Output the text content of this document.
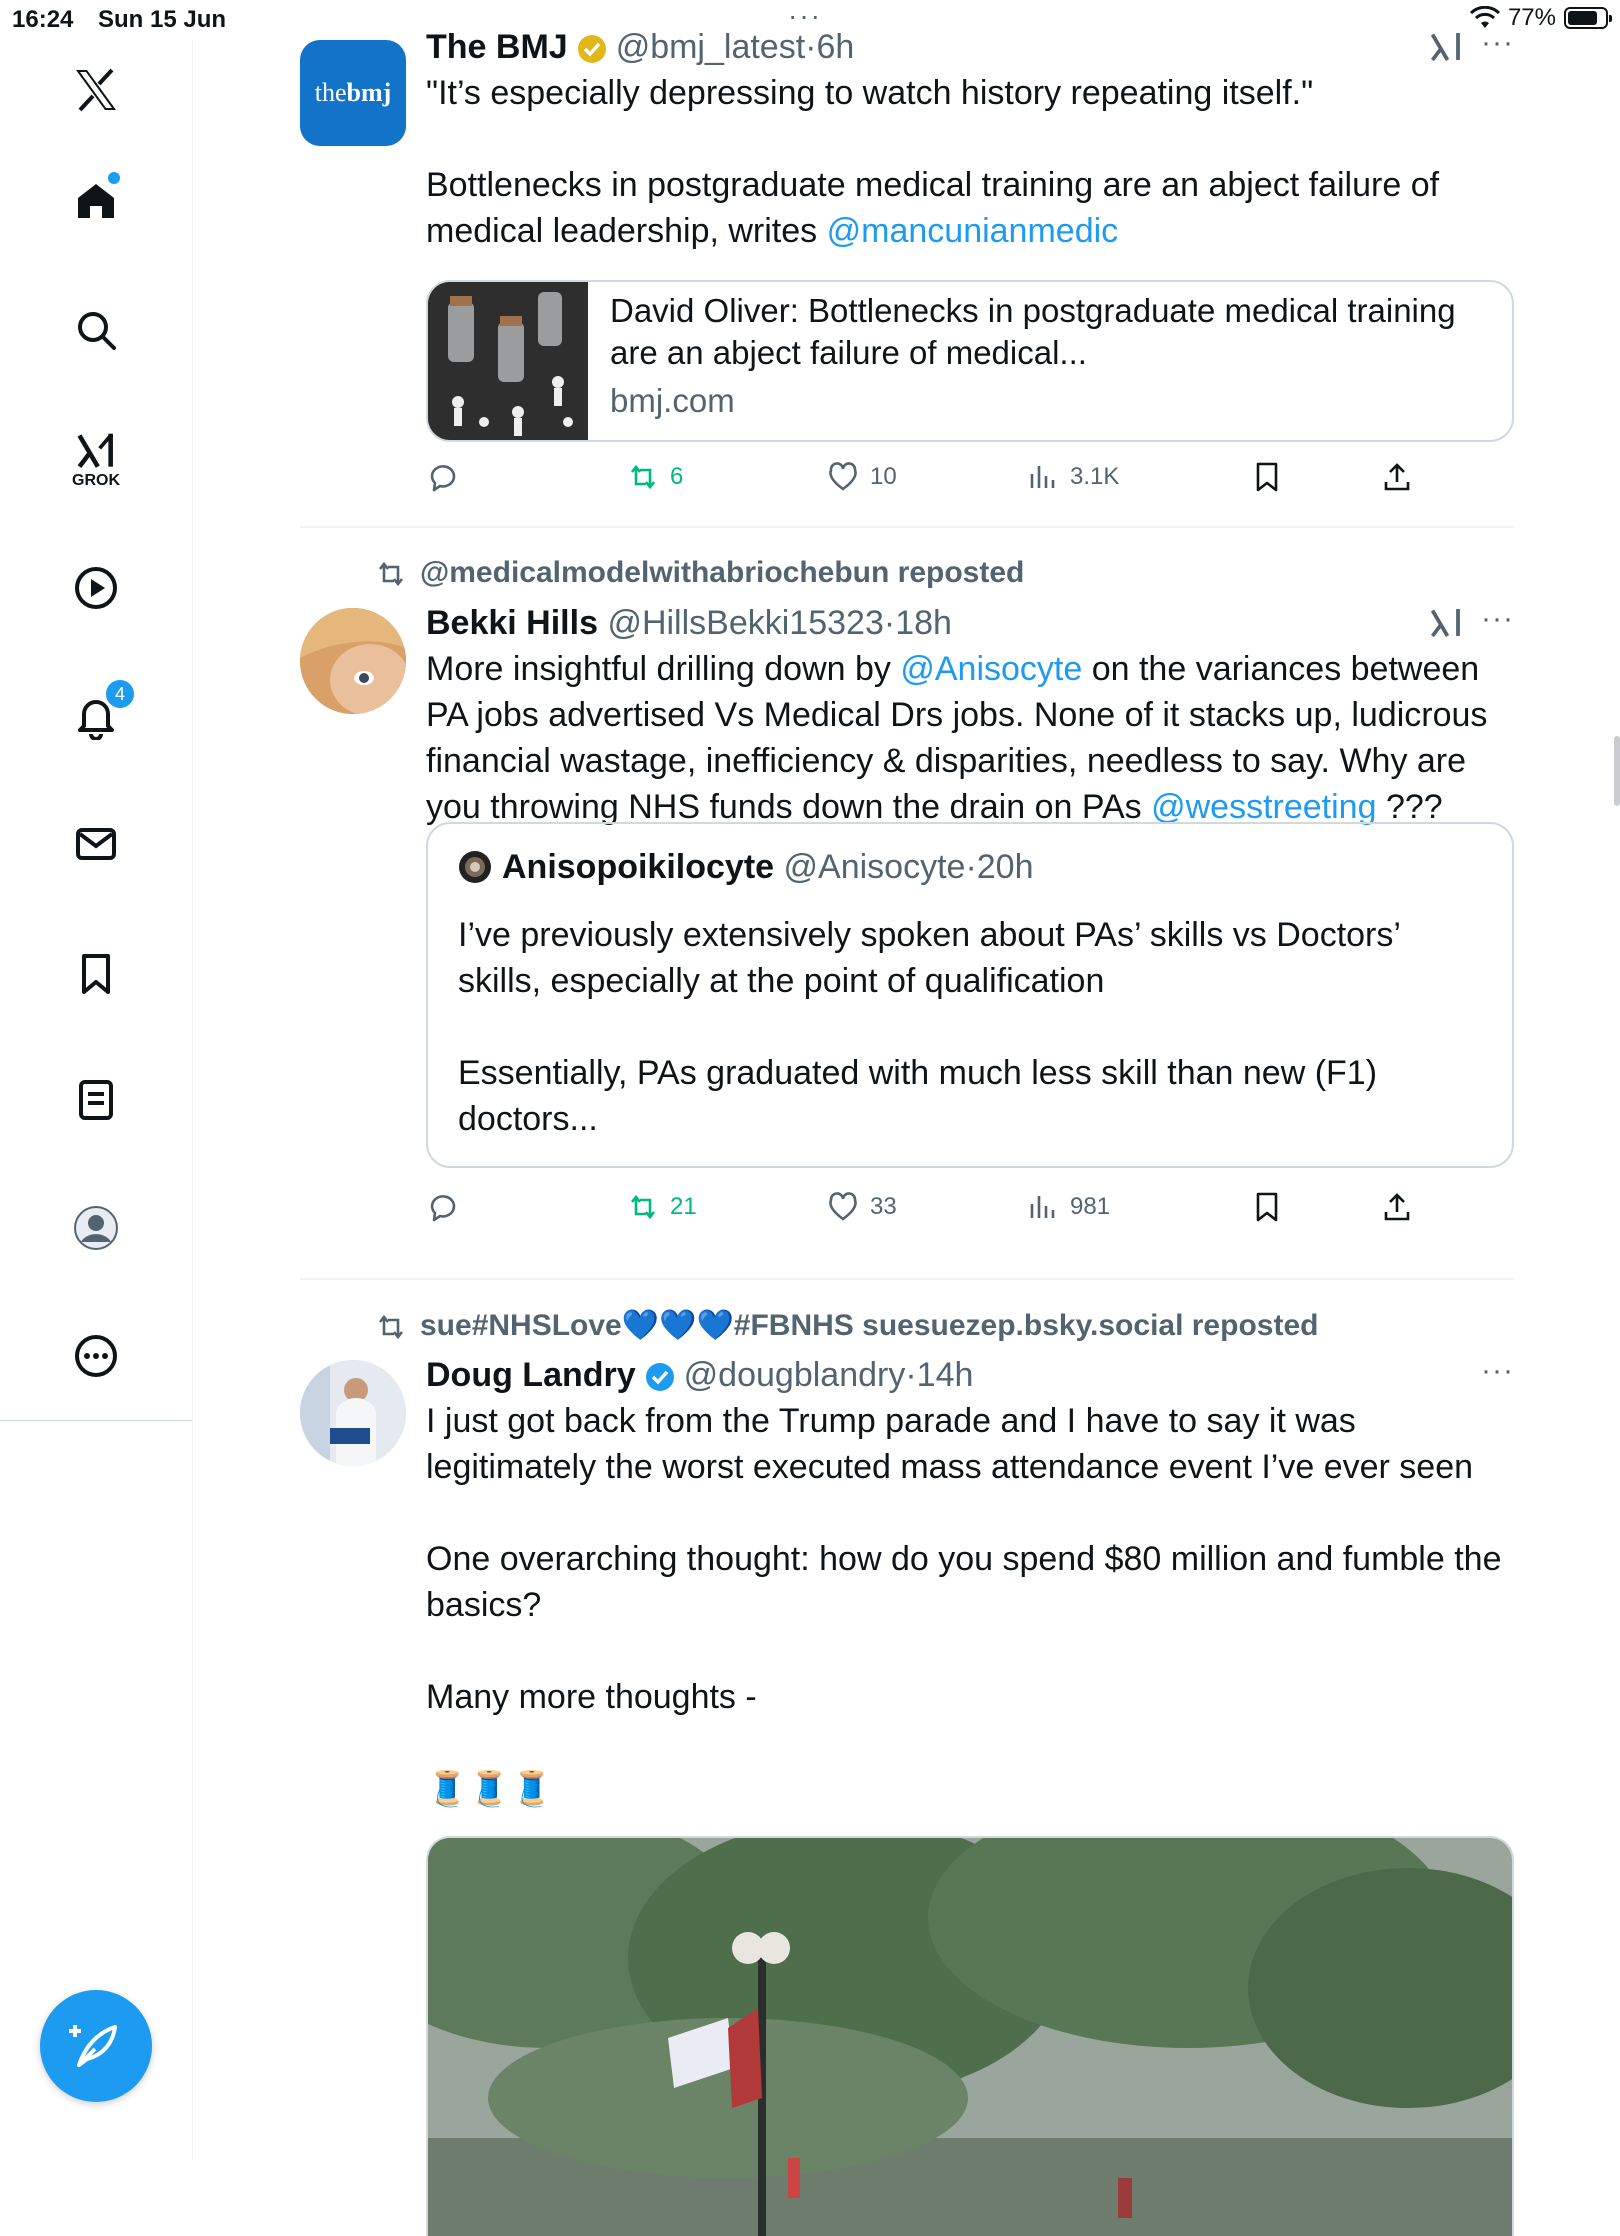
16:24 Sun 15 Jun	···	77%
GROK
4
thebmj
The BMJ @bmj_latest·6h	···
"It’s especially depressing to watch history repeating itself."

Bottlenecks in postgraduate medical training are an abject failure of
medical leadership, writes @mancunianmedic
David Oliver: Bottlenecks in postgraduate medical training
are an abject failure of medical...
bmj.com
6	10	3.1K
@medicalmodelwithabriochebun reposted
Bekki Hills @HillsBekki15323·18h	···
More insightful drilling down by @Anisocyte on the variances between
PA jobs advertised Vs Medical Drs jobs. None of it stacks up, ludicrous
financial wastage, inefficiency & disparities, needless to say. Why are
you throwing NHS funds down the drain on PAs @wesstreeting ???
Anisopoikilocyte @Anisocyte·20h
I’ve previously extensively spoken about PAs’ skills vs Doctors’
skills, especially at the point of qualification

Essentially, PAs graduated with much less skill than new (F1)
doctors...
21	33	981
sue#NHSLove💙💙💙#FBNHS suesuezep.bsky.social reposted
Doug Landry @dougblandry·14h	···
I just got back from the Trump parade and I have to say it was
legitimately the worst executed mass attendance event I’ve ever seen

One overarching thought: how do you spend $80 million and fumble the
basics?

Many more thoughts -

🧵🧵🧵
